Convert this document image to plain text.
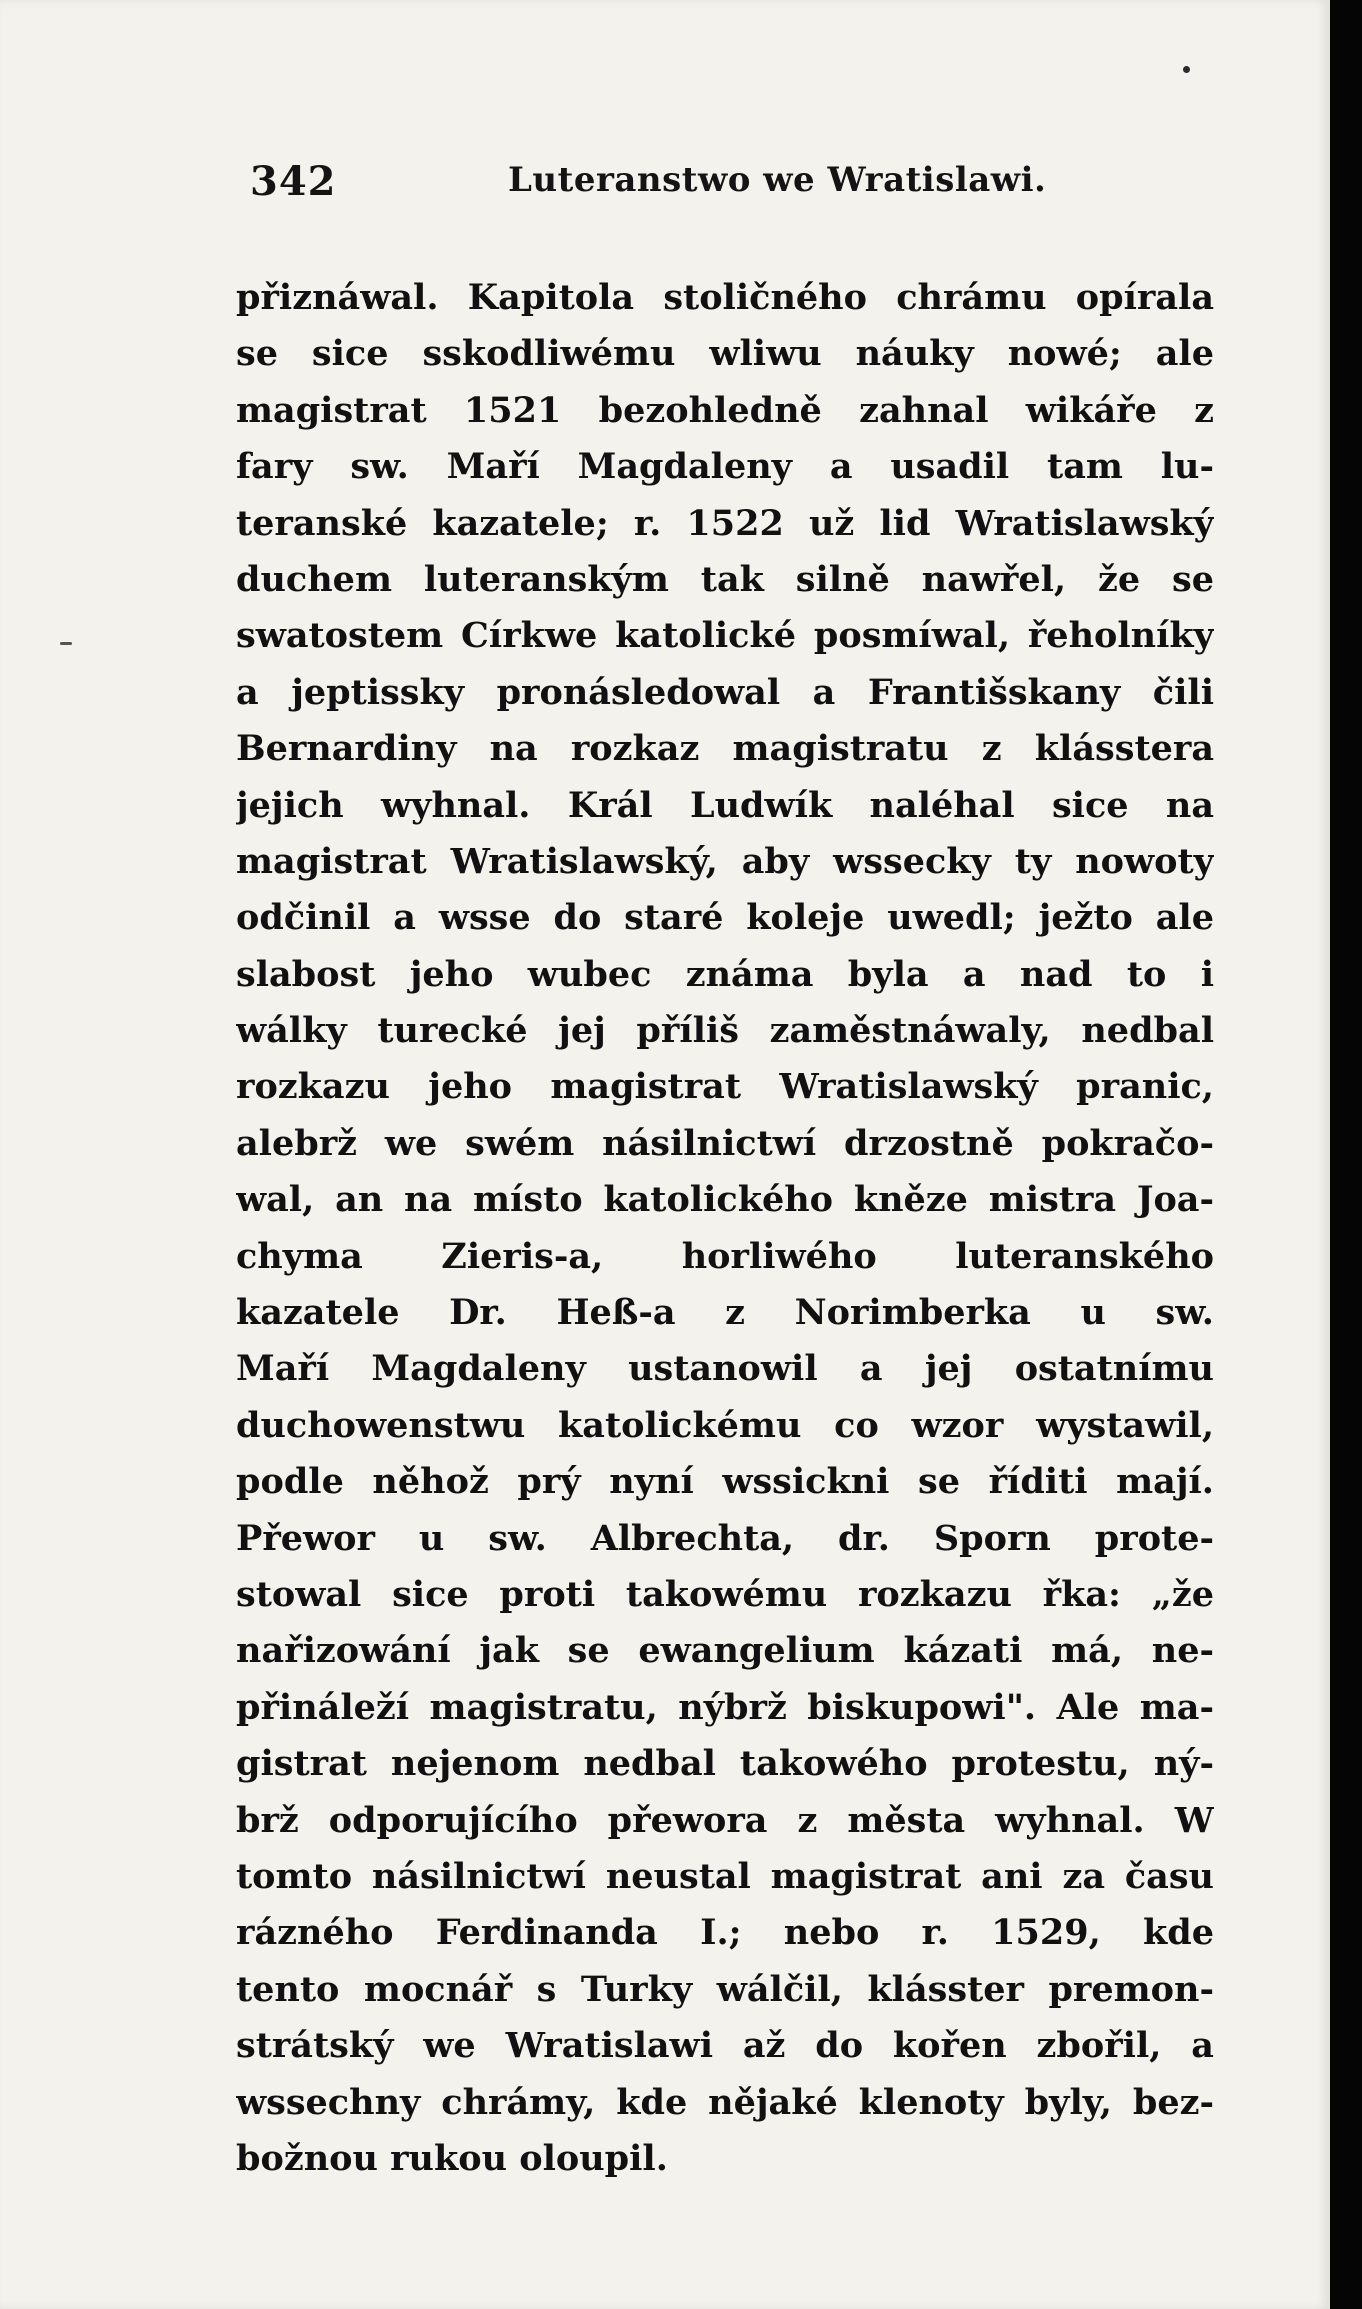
342	Luteranstwo we Wratislawi.
přiznáwal. Kapitola stoličného chrámu opírala
se sice sskodliwému wliwu náuky nowé; ale
magistrat 1521 bezohledně zahnal wikáře z
fary sw. Maří Magdaleny a usadil tam lu-
teranské kazatele; r. 1522 už lid Wratislawský
duchem luteranským tak silně nawřel, že se
swatostem Církwe katolické posmíwal, řeholníky
a jeptissky pronásledowal a Františskany čili
Bernardiny na rozkaz magistratu z klássterа
jejich wyhnal. Král Ludwík naléhal sice na
magistrat Wratislawský, aby wssecky ty nowoty
odčinil a wsse do staré koleje uwedl; ježto ale
slabost jeho wubec známa byla a nad to i
wálky turecké jej příliš zaměstnáwaly, nedbal
rozkazu jeho magistrat Wratislawský pranic,
alebrž we swém násilnictwí drzostně pokračo-
wal, an na místo katolického kněze mistra Joa-
chyma Zieris-a, horliwého luteranského
kazatele Dr. Heß-a z Norimberka u sw.
Maří Magdaleny ustanowil a jej ostatnímu
duchowenstwu katolickému co wzor wystawil,
podle něhož prý nyní wssickni se říditi mají.
Přewor u sw. Albrechta, dr. Sporn prote-
stowal sice proti takowému rozkazu řka: „že
nařizowání jak se ewangelium kázati má, ne-
přináleží magistratu, nýbrž biskupowi". Ale ma-
gistrat nejenom nedbal takowého protestu, ný-
brž odporujícího přewora z města wyhnal. W
tomto násilnictwí neustal magistrat ani za času
rázného Ferdinanda I.; nebo r. 1529, kde
tento mocnář s Turky wálčil, klásster premon-
strátský we Wratislawi až do kořen zbořil, a
wssechny chrámy, kde nějaké klenoty byly, bez-
božnou rukou oloupil.
